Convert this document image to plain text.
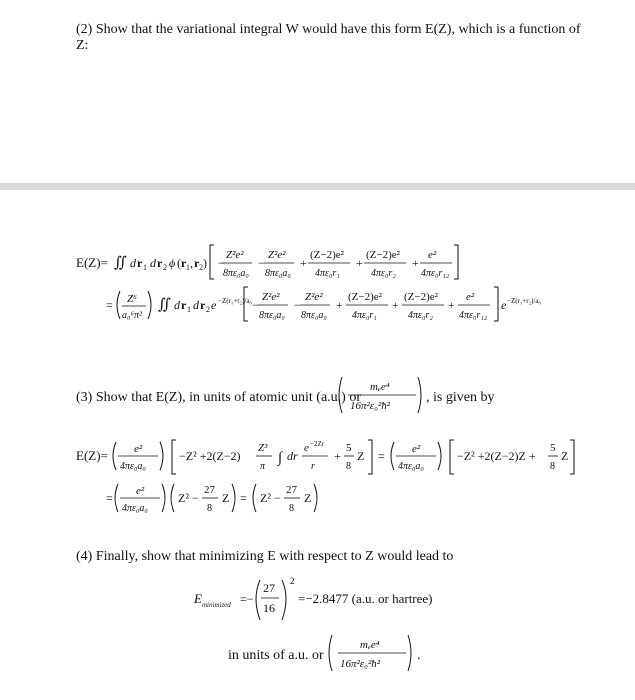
(2) Show that the variational integral W would have this form E(Z), which is a function of
Z:
E(Z)= ∬ d r 1 d r 2 ϕ ( r 1 , r 2 ) −
Z²e²
8πε₀a₀
−
Z²e²
8πε₀a₀
+
(Z−2)e²
4πε₀r₁
+
(Z−2)e²
4πε₀r₂
+
e²
4πε₀r₁₂
= Z⁶
a₀⁶π²
∬ d r 1 d r 2 e −Z(r₁+r₂)/a₀ −
Z²e²
8πε₀a₀
−
Z²e²
8πε₀a₀
+
(Z−2)e²
4πε₀r₁
+
(Z−2)e²
4πε₀r₂
+
e²
4πε₀r₁₂
e −Z(r₁+r₂)/a₀
(3) Show that E(Z), in units of atomic unit (a.u.) or
mₑe⁴
16π²ε₀²ħ²
, is given by
E(Z)= e²
4πε₀a₀
−Z² +2(Z−2)
Z³
π
∫ dr
e −2Zr
r
+
5
8
Z = e²
4πε₀a₀
−Z² +2(Z−2)Z +
5
8
Z
= e²
4πε₀a₀
Z² −
27
8
Z = Z² −
27
8
Z
(4) Finally, show that minimizing E with respect to Z would lead to
E minimized =−
27
16
2
=−2.8477 (a.u. or hartree)
in units of a.u. or
mₑe⁴
16π²ε₀²ħ²
.
